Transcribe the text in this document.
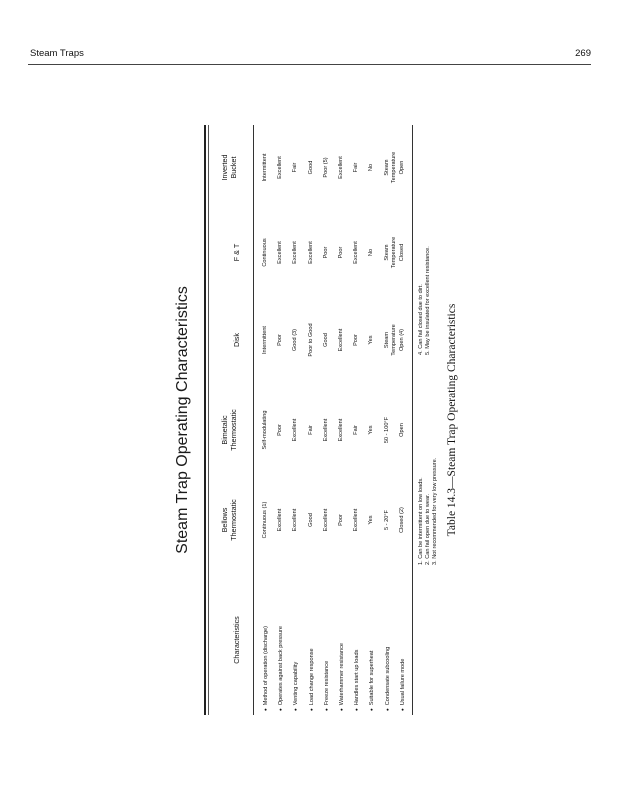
Steam Traps	269
Steam Trap Operating Characteristics
Characteristics
Bellows
Thermostatic
Bimetalic
Thermostatic
Disk
F & T
Inverted
Bucket
● Method of operation (discharge)
Continuous (1)
Self-modulating
Intermittent
Continuous
Intermittent
● Operates against back pressure
Excellent
Poor
Poor
Excellent
Excellent
● Venting capability
Excellent
Excellent
Good (3)
Excellent
Fair
● Load change response
Good
Fair
Poor to Good
Excellent
Good
● Freeze resistance
Excellent
Excellent
Good
Poor
Poor (5)
● Waterhammer resistance
Poor
Excellent
Excellent
Poor
Excellent
● Handles start up loads
Excellent
Fair
Poor
Excellent
Fair
● Suitable for superheat
Yes
Yes
Yes
No
No
● Condensate subcooling
5 - 20°F
50 - 100°F
Steam
Temperature
Steam
Temperature
Steam
Temperature
● Usual failure mode
Closed (2)
Open
Open (4)
Closed
Open
1. Can be intermittent on low loads. 2. Can fail open due to wear. 3. Not recommended for very low pressure.
4. Can fail closed due to dirt. 5. May be insulated for excellent resistance.
Table 14.3—Steam Trap Operating Characteristics
